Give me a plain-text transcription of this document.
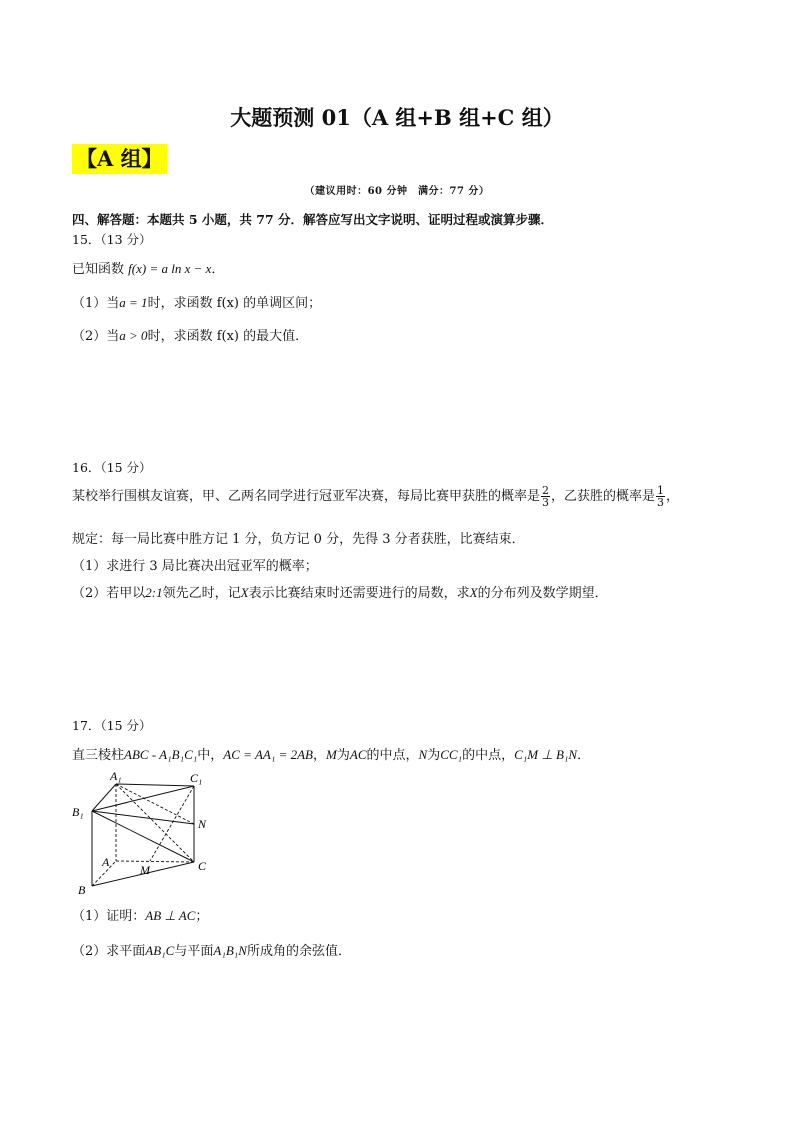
大题预测 01（A 组+B 组+C 组）
【A 组】
（建议用时：60 分钟　满分：77 分）
四、解答题：本题共 5 小题，共 77 分．解答应写出文字说明、证明过程或演算步骤．
15．（13 分）
已知函数 f(x) = a ln x − x．
（1）当a = 1时，求函数 f(x) 的单调区间；
（2）当a > 0时，求函数 f(x) 的最大值．
16．（15 分）
某校举行围棋友谊赛，甲、乙两名同学进行冠亚军决赛，每局比赛甲获胜的概率是 $\frac{2}{3}$ ，乙获胜的概率是 $\frac{1}{3}$ ，
规定：每一局比赛中胜方记 1 分，负方记 0 分，先得 3 分者获胜，比赛结束．
（1）求进行 3 局比赛决出冠亚军的概率；
（2）若甲以2:1领先乙时，记X表示比赛结束时还需要进行的局数，求X的分布列及数学期望．
17．（15 分）
直三棱柱ABC - A₁B₁C₁中，AC = AA₁ = 2AB，M为AC的中点，N为CC₁的中点，C₁M ⊥ B₁N．
A₁	C₁
B₁
N
A
M	C
B
（1）证明：AB ⊥ AC；
（2）求平面AB₁C与平面A₁B₁N所成角的余弦值．
